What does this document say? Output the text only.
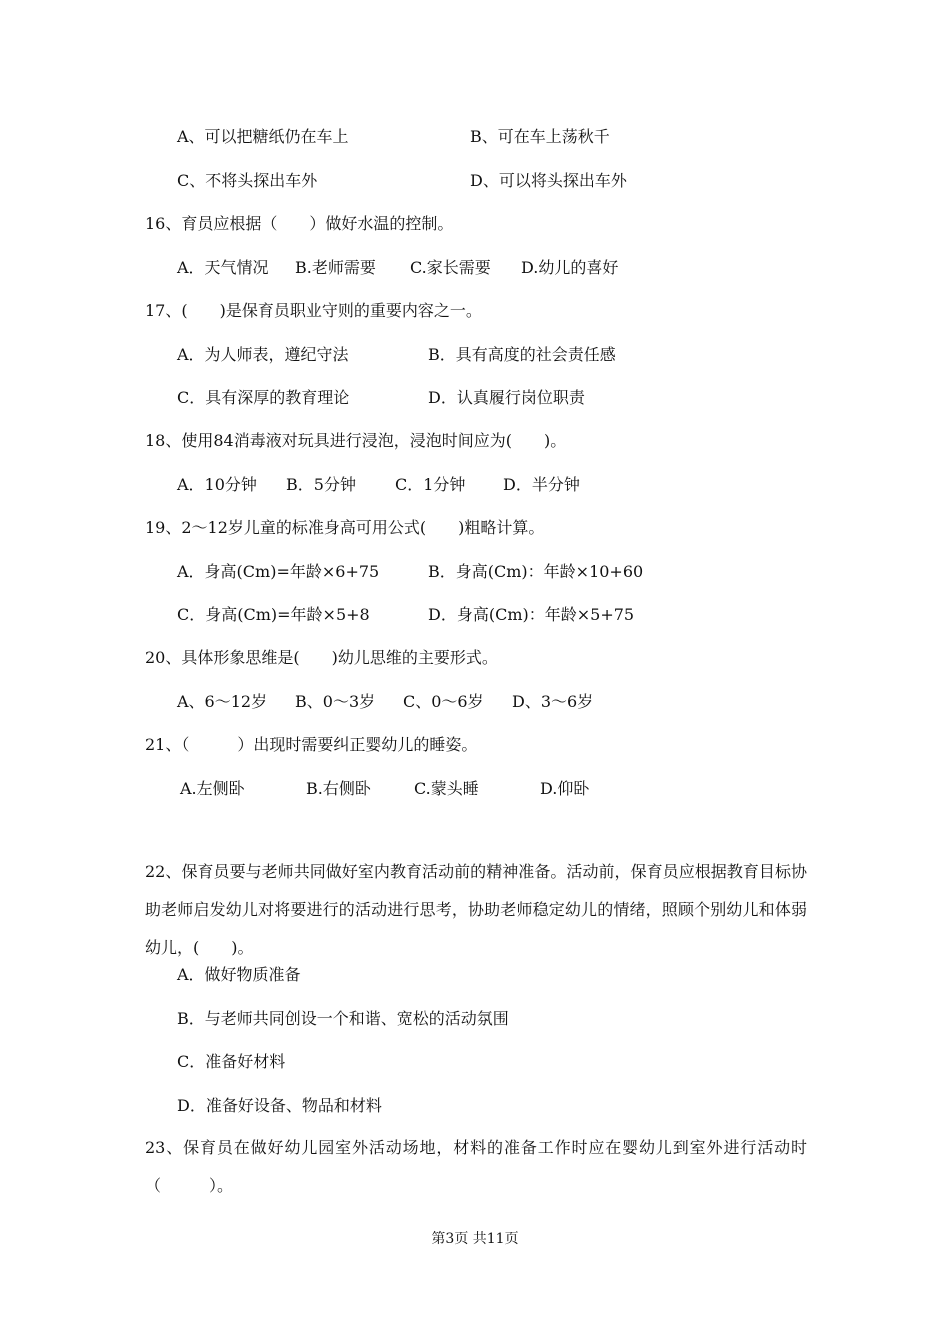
A、可以把糖纸仍在车上	B、可在车上荡秋千
C、不将头探出车外	D、可以将头探出车外
16、育员应根据（　　）做好水温的控制。
A．天气情况 B.老师需要 C.家长需要 D.幼儿的喜好
17、(　　)是保育员职业守则的重要内容之一。
A．为人师表，遵纪守法	B．具有高度的社会责任感
C．具有深厚的教育理论	D．认真履行岗位职责
18、使用84消毒液对玩具进行浸泡，浸泡时间应为(　　)。
A．10分钟 B．5分钟 C．1分钟 D．半分钟
19、2～12岁儿童的标准身高可用公式(　　)粗略计算。
A．身高(Cm)=年龄×6+75	B．身高(Cm)：年龄×10+60
C．身高(Cm)=年龄×5+8	D．身高(Cm)：年龄×5+75
20、具体形象思维是(　　)幼儿思维的主要形式。
A、6～12岁 B、0～3岁 C、0～6岁 D、3～6岁
21、（　　　）出现时需要纠正婴幼儿的睡姿。
A.左侧卧	B.右侧卧	C.蒙头睡	D.仰卧
22、保育员要与老师共同做好室内教育活动前的精神准备。活动前，保育员应根据教育目标协助老师启发幼儿对将要进行的活动进行思考，协助老师稳定幼儿的情绪，照顾个别幼儿和体弱幼儿，(　　)。
A．做好物质准备
B．与老师共同创设一个和谐、宽松的活动氛围
C．准备好材料
D．准备好设备、物品和材料
23、保育员在做好幼儿园室外活动场地，材料的准备工作时应在婴幼儿到室外进行活动时（　　　）。
第3页 共11页
